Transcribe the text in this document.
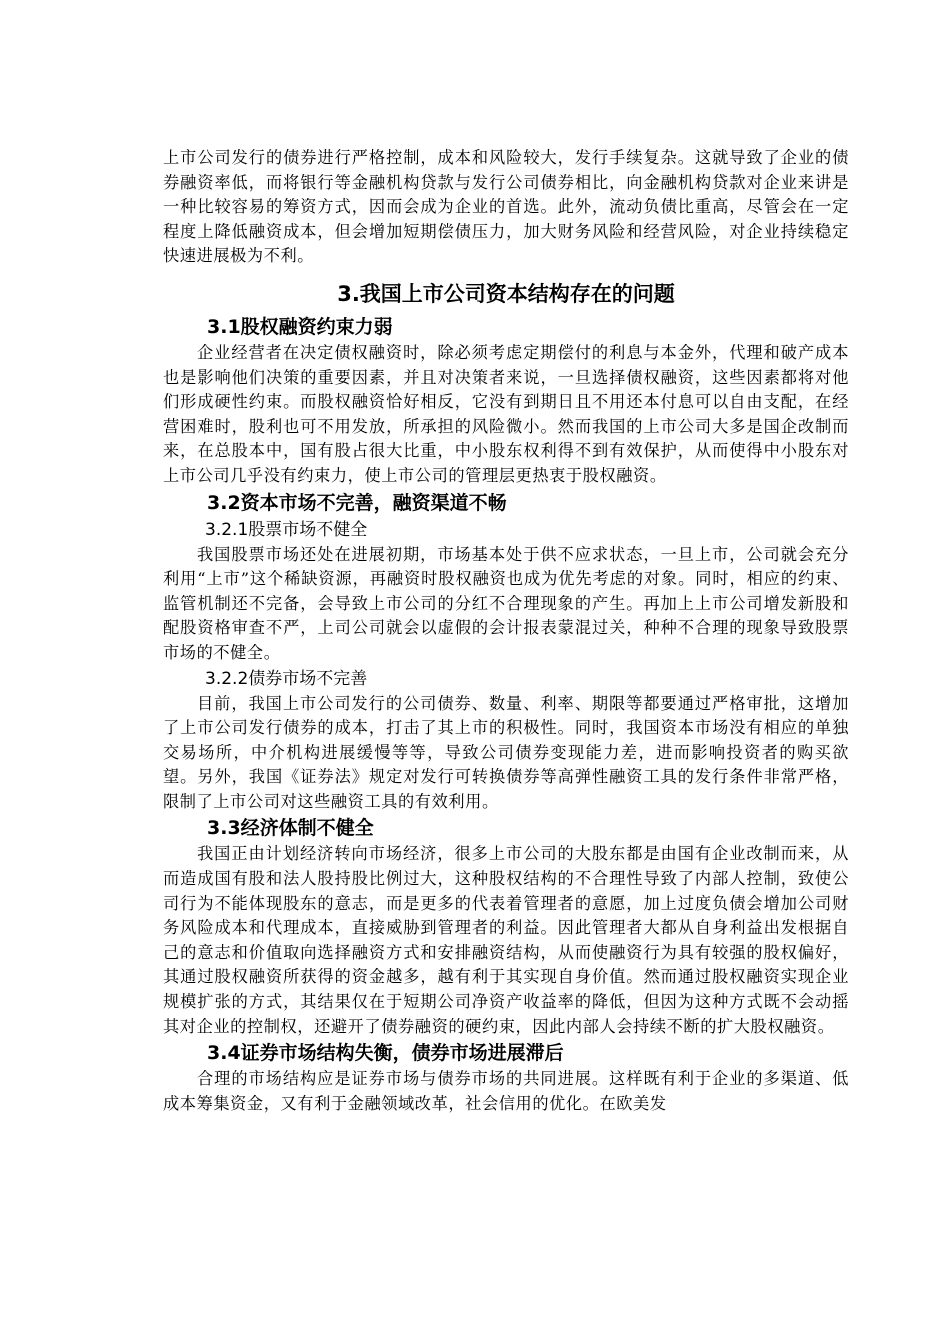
上市公司发行的债券进行严格控制，成本和风险较大，发行手续复杂。这就导致了企业的债券融资率低，而将银行等金融机构贷款与发行公司债券相比，向金融机构贷款对企业来讲是一种比较容易的筹资方式，因而会成为企业的首选。此外，流动负债比重高，尽管会在一定程度上降低融资成本，但会增加短期偿债压力，加大财务风险和经营风险，对企业持续稳定快速进展极为不利。

3.我国上市公司资本结构存在的问题
3.1股权融资约束力弱

企业经营者在决定债权融资时，除必须考虑定期偿付的利息与本金外，代理和破产成本也是影响他们决策的重要因素，并且对决策者来说，一旦选择债权融资，这些因素都将对他们形成硬性约束。而股权融资恰好相反，它没有到期日且不用还本付息可以自由支配，在经营困难时，股利也可不用发放，所承担的风险微小。然而我国的上市公司大多是国企改制而来，在总股本中，国有股占很大比重，中小股东权利得不到有效保护，从而使得中小股东对上市公司几乎没有约束力，使上市公司的管理层更热衷于股权融资。

3.2资本市场不完善，融资渠道不畅
3.2.1股票市场不健全

我国股票市场还处在进展初期，市场基本处于供不应求状态，一旦上市，公司就会充分利用“上市”这个稀缺资源，再融资时股权融资也成为优先考虑的对象。同时，相应的约束、监管机制还不完备，会导致上市公司的分红不合理现象的产生。再加上上市公司增发新股和配股资格审查不严，上司公司就会以虚假的会计报表蒙混过关，种种不合理的现象导致股票市场的不健全。

3.2.2债券市场不完善

目前，我国上市公司发行的公司债券、数量、利率、期限等都要通过严格审批，这增加了上市公司发行债券的成本，打击了其上市的积极性。同时，我国资本市场没有相应的单独交易场所，中介机构进展缓慢等等，导致公司债券变现能力差，进而影响投资者的购买欲望。另外，我国《证券法》规定对发行可转换债券等高弹性融资工具的发行条件非常严格，限制了上市公司对这些融资工具的有效利用。

3.3经济体制不健全

我国正由计划经济转向市场经济，很多上市公司的大股东都是由国有企业改制而来，从而造成国有股和法人股持股比例过大，这种股权结构的不合理性导致了内部人控制，致使公司行为不能体现股东的意志，而是更多的代表着管理者的意愿，加上过度负债会增加公司财务风险成本和代理成本，直接威胁到管理者的利益。因此管理者大都从自身利益出发根据自己的意志和价值取向选择融资方式和安排融资结构，从而使融资行为具有较强的股权偏好，其通过股权融资所获得的资金越多，越有利于其实现自身价值。然而通过股权融资实现企业规模扩张的方式，其结果仅在于短期公司净资产收益率的降低，但因为这种方式既不会动摇其对企业的控制权，还避开了债券融资的硬约束，因此内部人会持续不断的扩大股权融资。

3.4证券市场结构失衡，债券市场进展滞后

合理的市场结构应是证券市场与债券市场的共同进展。这样既有利于企业的多渠道、低成本筹集资金，又有利于金融领域改革，社会信用的优化。在欧美发
